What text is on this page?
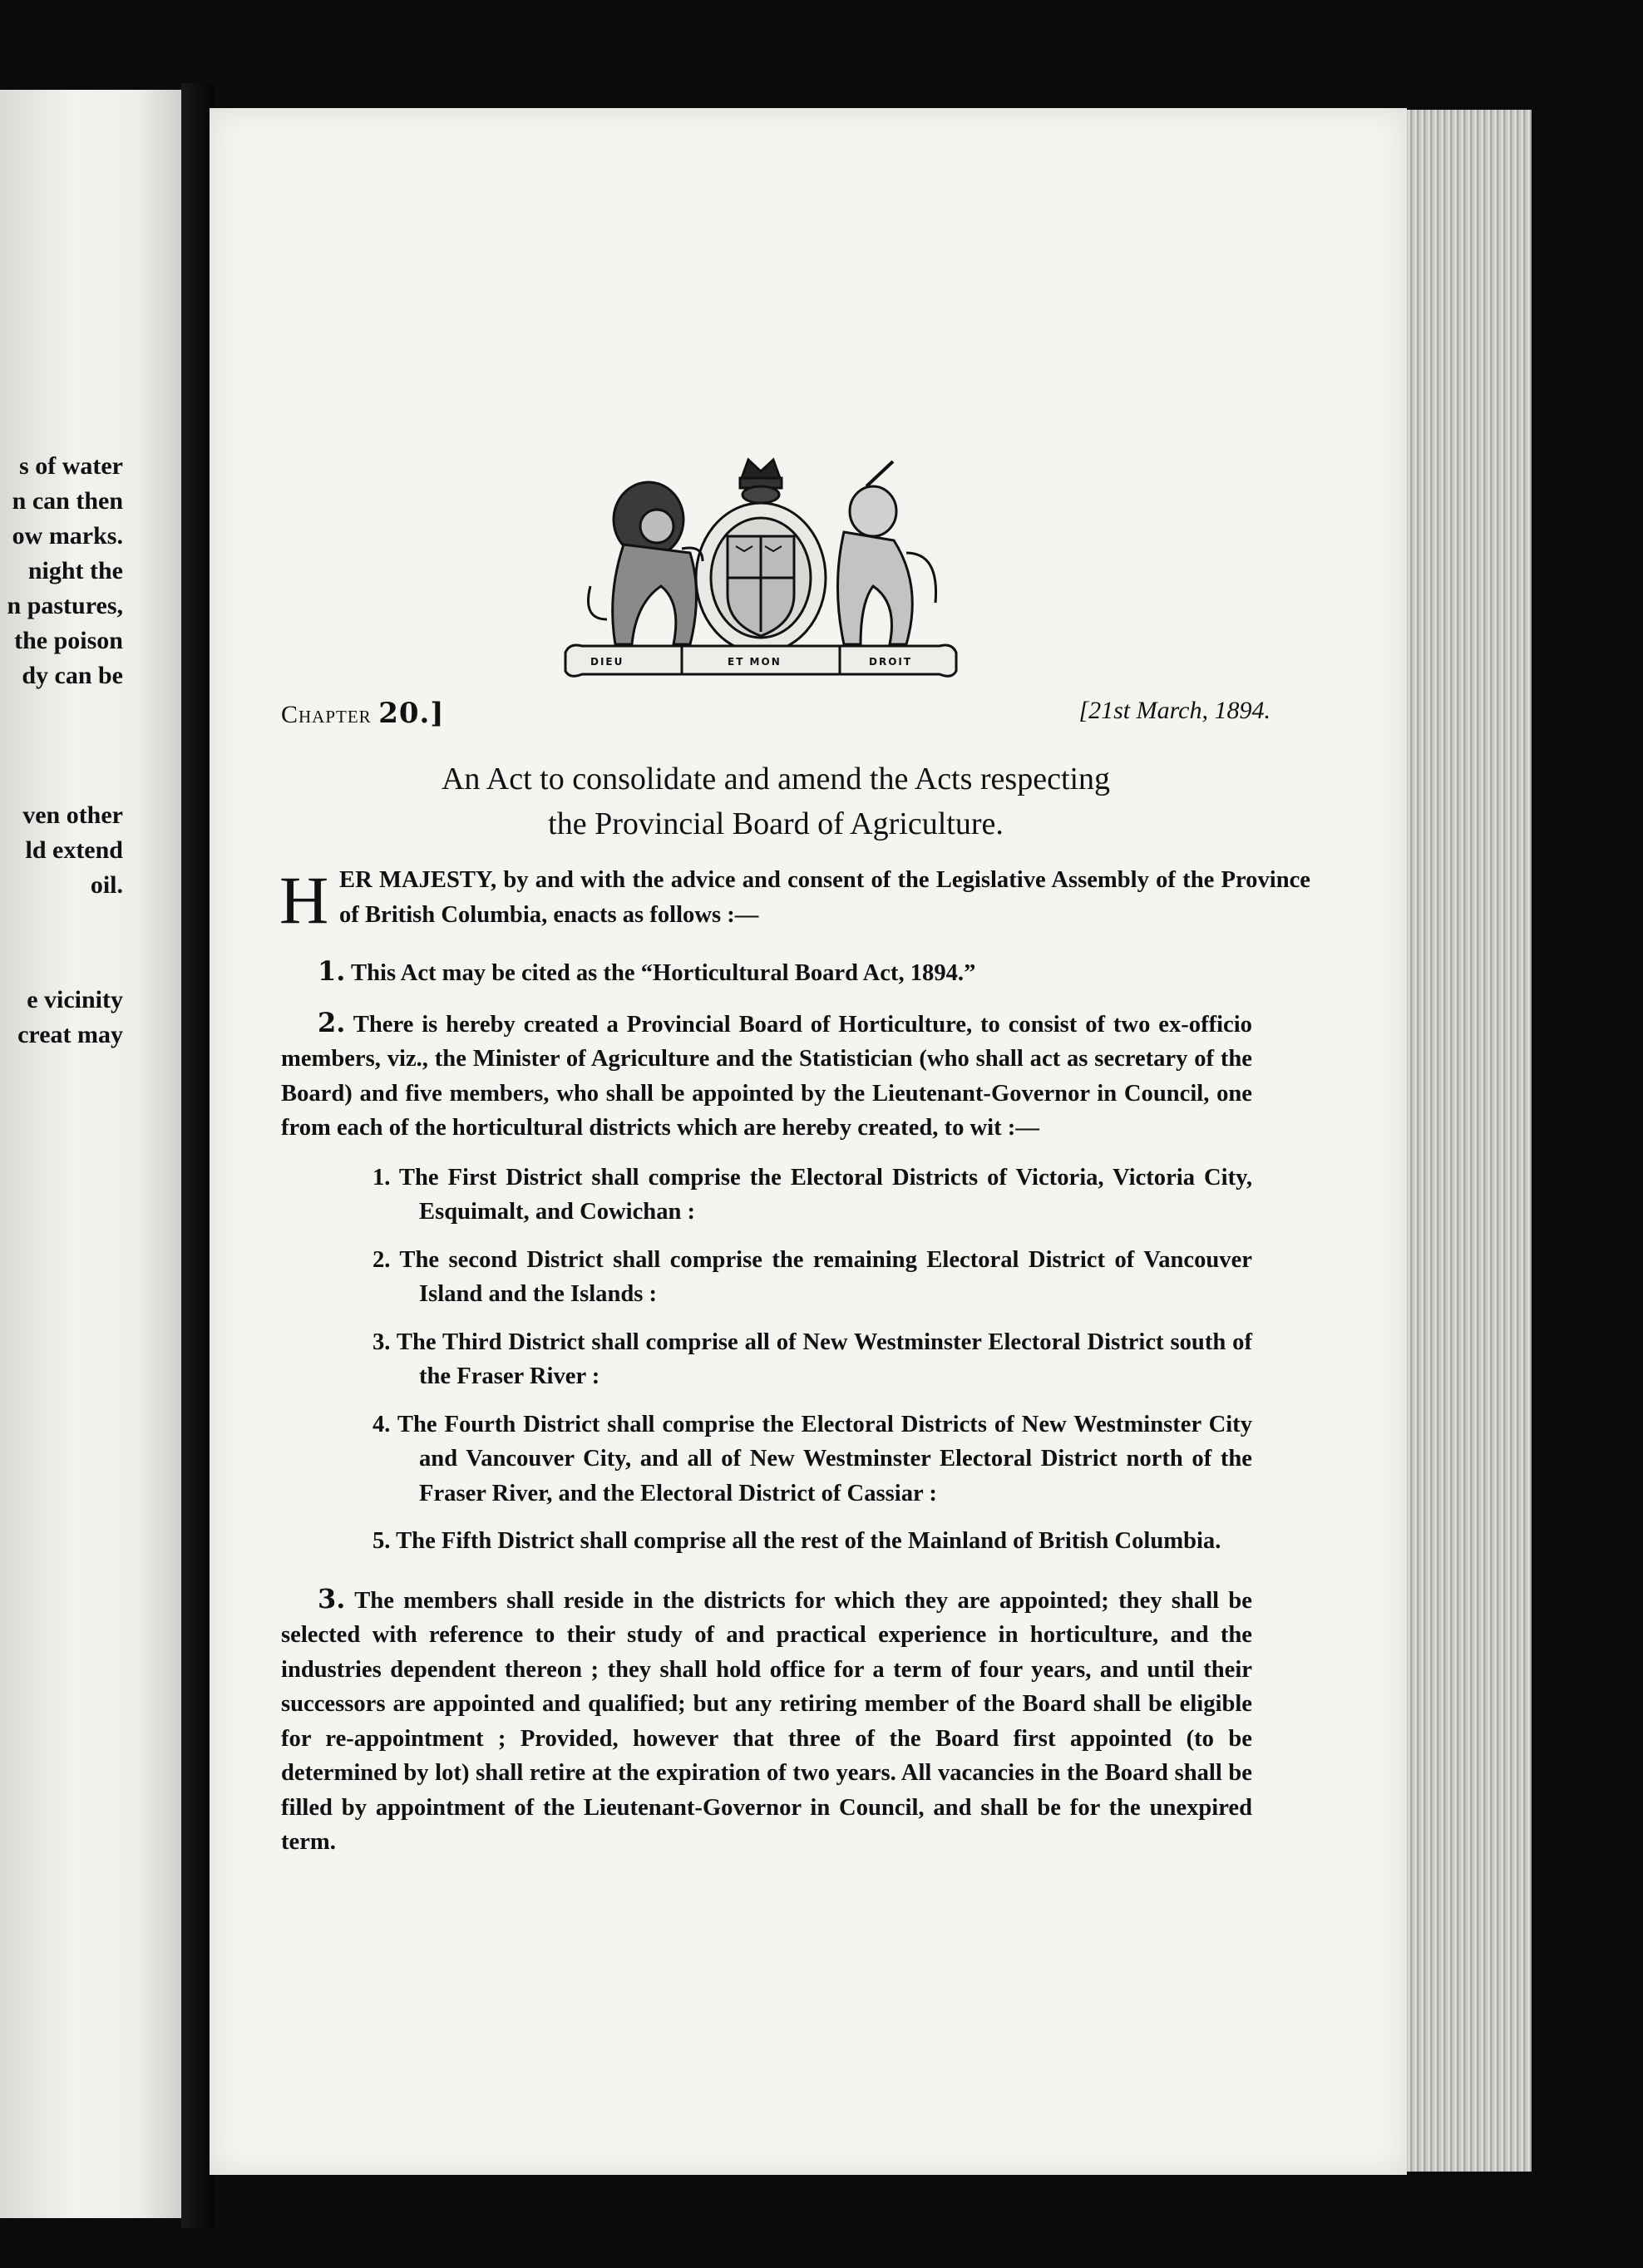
s of water
n can then
ow marks.
night the
n pastures,
the poison
dy can be
ven other
ld extend
oil.
e vicinity
creat may
DIEU	ET MON	DROIT
Chapter 20.]	[21st March, 1894.
An Act to consolidate and amend the Acts respecting
the Provincial Board of Agriculture.
H ER MAJESTY, by and with the advice and consent of the Legislative Assembly of the Province of British Columbia, enacts as follows :—

1. This Act may be cited as the “Horticultural Board Act, 1894.”

2. There is hereby created a Provincial Board of Horticulture, to consist of two ex-officio members, viz., the Minister of Agriculture and the Statistician (who shall act as secretary of the Board) and five members, who shall be appointed by the Lieutenant-Governor in Council, one from each of the horticultural districts which are hereby created, to wit :—

1. The First District shall comprise the Electoral Districts of Victoria, Victoria City, Esquimalt, and Cowichan :

2. The second District shall comprise the remaining Electoral District of Vancouver Island and the Islands :

3. The Third District shall comprise all of New Westminster Electoral District south of the Fraser River :

4. The Fourth District shall comprise the Electoral Districts of New Westminster City and Vancouver City, and all of New Westminster Electoral District north of the Fraser River, and the Electoral District of Cassiar :

5. The Fifth District shall comprise all the rest of the Mainland of British Columbia.

3. The members shall reside in the districts for which they are appointed; they shall be selected with reference to their study of and practical experience in horticulture, and the industries dependent thereon ; they shall hold office for a term of four years, and until their successors are appointed and qualified; but any retiring member of the Board shall be eligible for re-appointment ; Provided, however that three of the Board first appointed (to be determined by lot) shall retire at the expiration of two years. All vacancies in the Board shall be filled by appointment of the Lieutenant-Governor in Council, and shall be for the unexpired term.
